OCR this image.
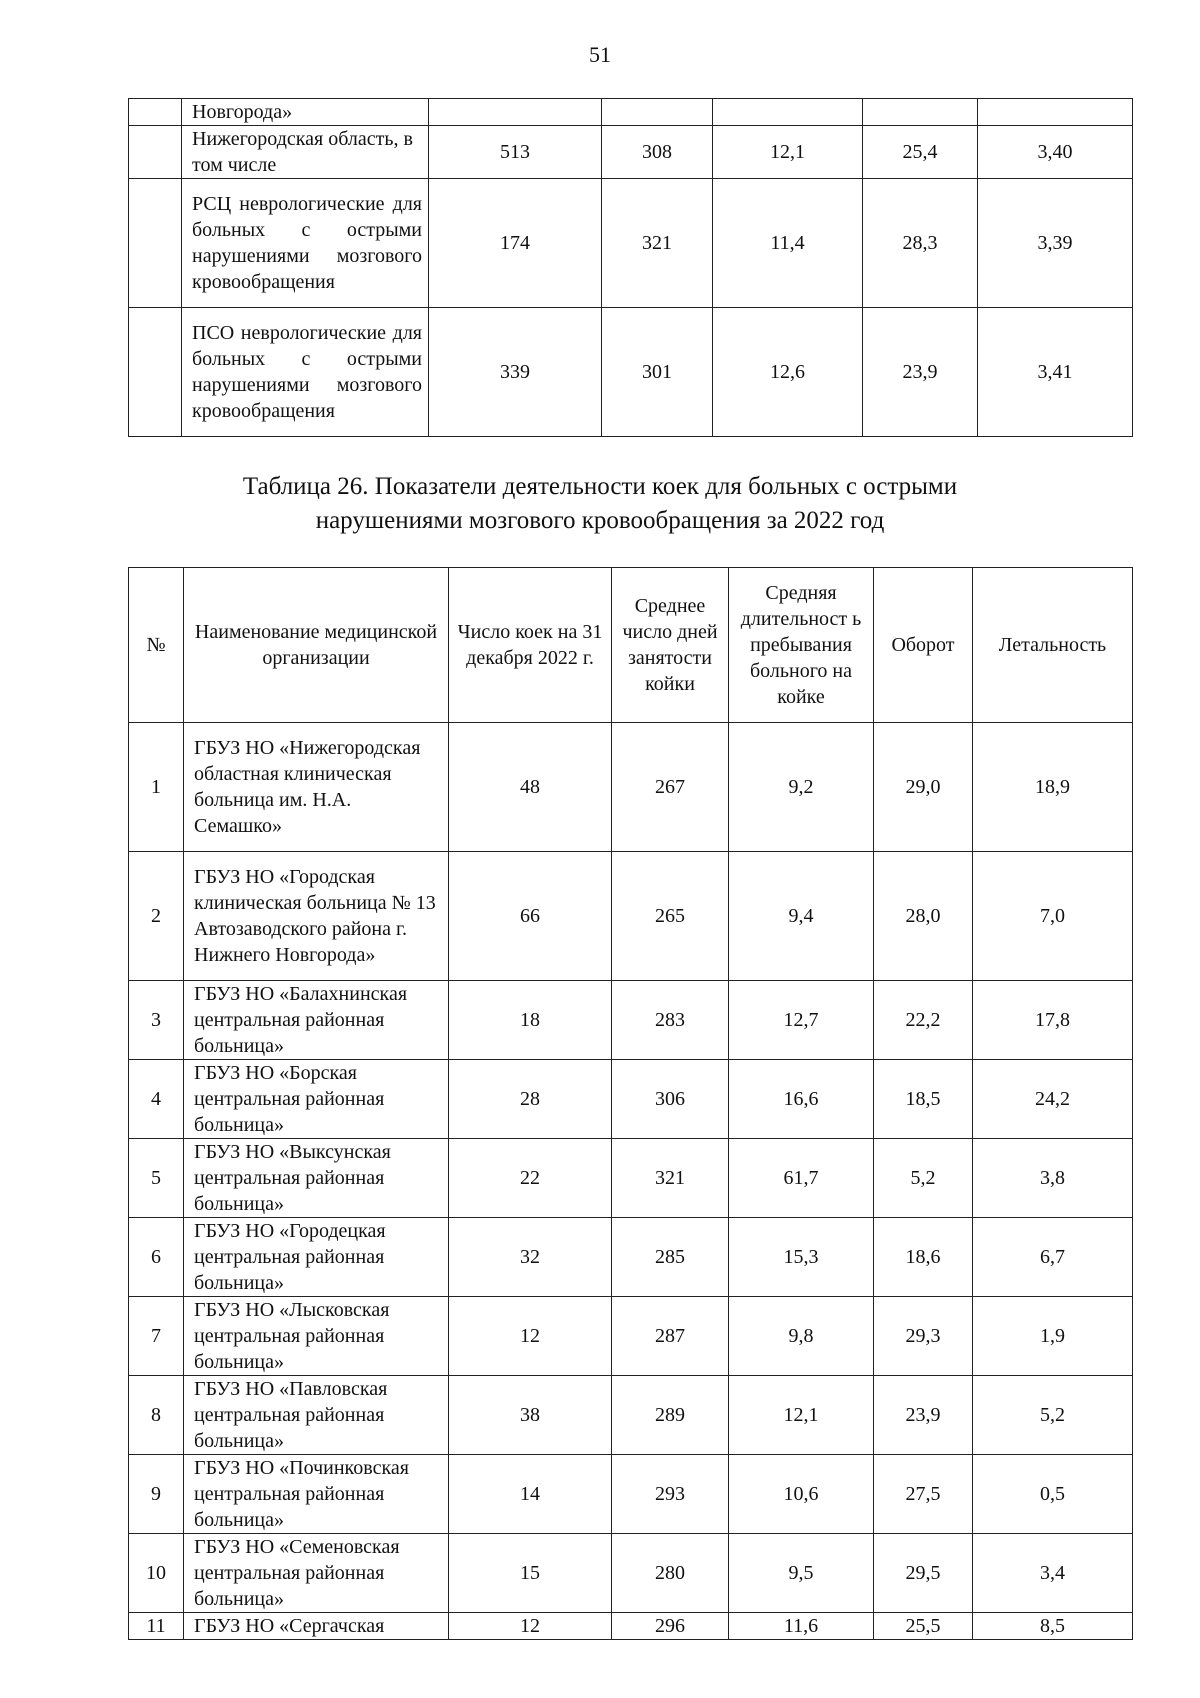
51
	Новгорода»					
	Нижегородская область, в том числе	513	308	12,1	25,4	3,40
	РСЦ неврологические для больных с острыми нарушениями мозгового кровообращения	174	321	11,4	28,3	3,39
	ПСО неврологические для больных с острыми нарушениями мозгового кровообращения	339	301	12,6	23,9	3,41
Таблица 26. Показатели деятельности коек для больных с острыми
нарушениями мозгового кровообращения за 2022 год
№	Наименование медицинской организации	Число коек на 31 декабря 2022 г.	Среднее число дней занятости койки	Средняя длительност ь пребывания больного на койке	Оборот	Летальность
1	ГБУЗ НО «Нижегородская областная клиническая больница им. Н.А. Семашко»	48	267	9,2	29,0	18,9
2	ГБУЗ НО «Городская клиническая больница № 13 Автозаводского района г. Нижнего Новгорода»	66	265	9,4	28,0	7,0
3	ГБУЗ НО «Балахнинская центральная районная больница»	18	283	12,7	22,2	17,8
4	ГБУЗ НО «Борская центральная районная больница»	28	306	16,6	18,5	24,2
5	ГБУЗ НО «Выксунская центральная районная больница»	22	321	61,7	5,2	3,8
6	ГБУЗ НО «Городецкая центральная районная больница»	32	285	15,3	18,6	6,7
7	ГБУЗ НО «Лысковская центральная районная больница»	12	287	9,8	29,3	1,9
8	ГБУЗ НО «Павловская центральная районная больница»	38	289	12,1	23,9	5,2
9	ГБУЗ НО «Починковская центральная районная больница»	14	293	10,6	27,5	0,5
10	ГБУЗ НО «Семеновская центральная районная больница»	15	280	9,5	29,5	3,4
11	ГБУЗ НО «Сергачская	12	296	11,6	25,5	8,5
